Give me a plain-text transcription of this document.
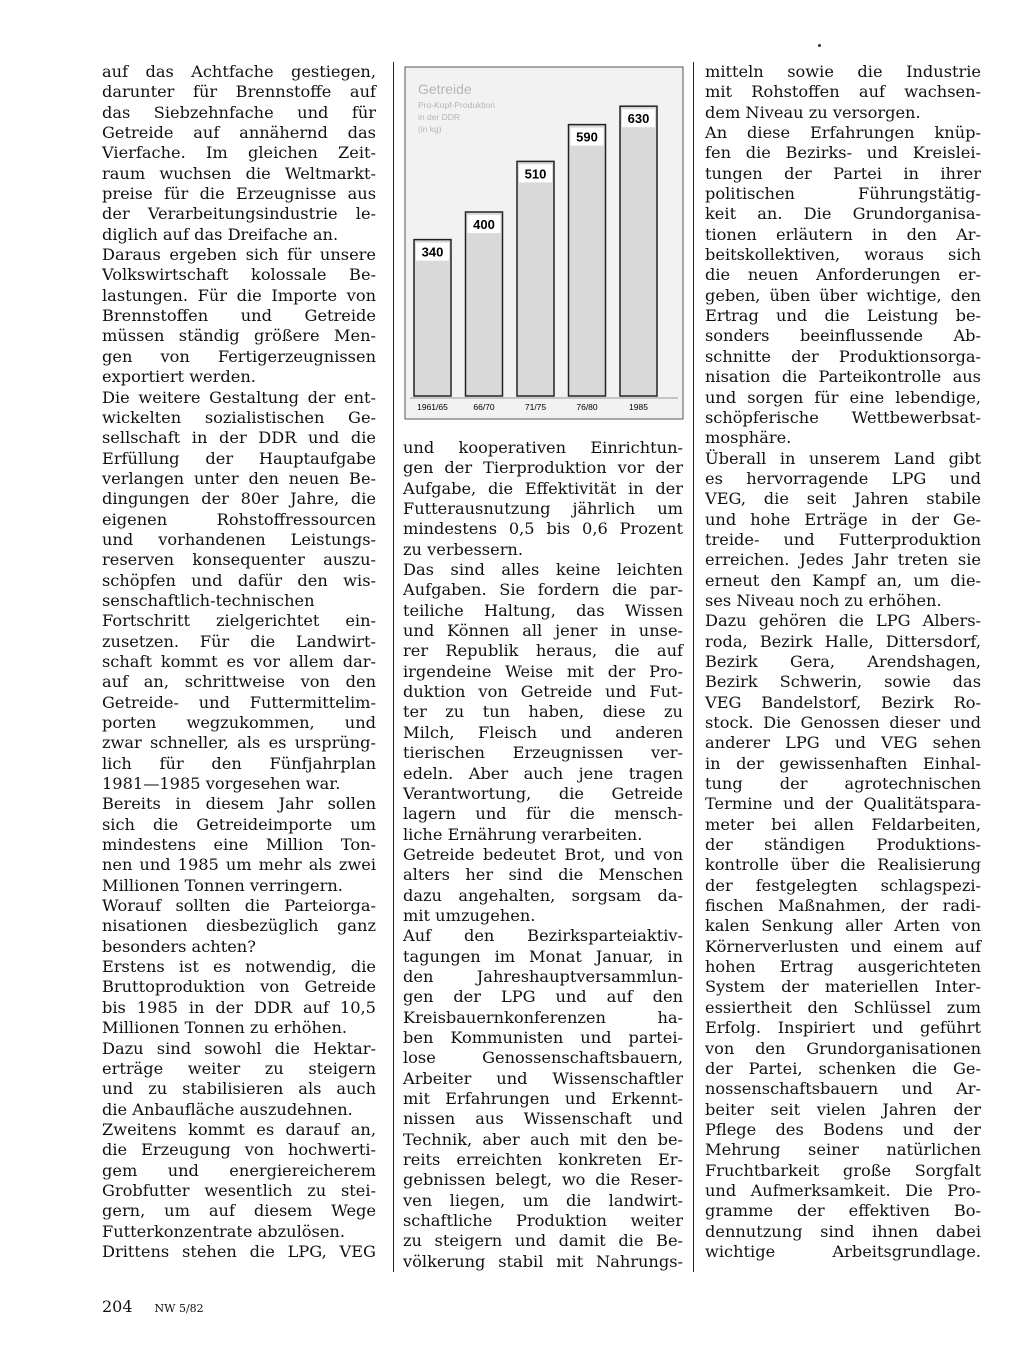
auf das Achtfache gestiegen,

darunter für Brennstoffe auf

das Siebzehnfache und für

Getreide auf annähernd das

Vierfache. Im gleichen Zeit-

raum wuchsen die Weltmarkt-

preise für die Erzeugnisse aus

der Verarbeitungsindustrie le-

diglich auf das Dreifache an.

Daraus ergeben sich für unsere

Volkswirtschaft kolossale Be-

lastungen. Für die Importe von

Brennstoffen und Getreide

müssen ständig größere Men-

gen von Fertigerzeugnissen

exportiert werden.

Die weitere Gestaltung der ent-

wickelten sozialistischen Ge-

sellschaft in der DDR und die

Erfüllung der Hauptaufgabe

verlangen unter den neuen Be-

dingungen der 80er Jahre, die

eigenen Rohstoffressourcen

und vorhandenen Leistungs-

reserven konsequenter auszu-

schöpfen und dafür den wis-

senschaftlich-technischen

Fortschritt zielgerichtet ein-

zusetzen. Für die Landwirt-

schaft kommt es vor allem dar-

auf an, schrittweise von den

Getreide- und Futtermittelim-

porten wegzukommen, und

zwar schneller, als es ursprüng-

lich für den Fünfjahrplan

1981—1985 vorgesehen war.

Bereits in diesem Jahr sollen

sich die Getreideimporte um

mindestens eine Million Ton-

nen und 1985 um mehr als zwei

Millionen Tonnen verringern.

Worauf sollten die Parteiorga-

nisationen diesbezüglich ganz

besonders achten?

Erstens ist es notwendig, die

Bruttoproduktion von Getreide

bis 1985 in der DDR auf 10,5

Millionen Tonnen zu erhöhen.

Dazu sind sowohl die Hektar-

erträge weiter zu steigern

und zu stabilisieren als auch

die Anbaufläche auszudehnen.

Zweitens kommt es darauf an,

die Erzeugung von hochwerti-

gem und energiereicherem

Grobfutter wesentlich zu stei-

gern, um auf diesem Wege

Futterkonzentrate abzulösen.

Drittens stehen die LPG, VEG

Getreide
Pro-Kopf-Produktion
in der DDR
(in kg)
340
1961/65
400
66/70
510
71/75
590
76/80
630
1985

und kooperativen Einrichtun-

gen der Tierproduktion vor der

Aufgabe, die Effektivität in der

Futterausnutzung jährlich um

mindestens 0,5 bis 0,6 Prozent

zu verbessern.

Das sind alles keine leichten

Aufgaben. Sie fordern die par-

teiliche Haltung, das Wissen

und Können all jener in unse-

rer Republik heraus, die auf

irgendeine Weise mit der Pro-

duktion von Getreide und Fut-

ter zu tun haben, diese zu

Milch, Fleisch und anderen

tierischen Erzeugnissen ver-

edeln. Aber auch jene tragen

Verantwortung, die Getreide

lagern und für die mensch-

liche Ernährung verarbeiten.

Getreide bedeutet Brot, und von

alters her sind die Menschen

dazu angehalten, sorgsam da-

mit umzugehen.

Auf den Bezirksparteiaktiv-

tagungen im Monat Januar, in

den Jahreshauptversammlun-

gen der LPG und auf den

Kreisbauernkonferenzen ha-

ben Kommunisten und partei-

lose Genossenschaftsbauern,

Arbeiter und Wissenschaftler

mit Erfahrungen und Erkennt-

nissen aus Wissenschaft und

Technik, aber auch mit den be-

reits erreichten konkreten Er-

gebnissen belegt, wo die Reser-

ven liegen, um die landwirt-

schaftliche Produktion weiter

zu steigern und damit die Be-

völkerung stabil mit Nahrungs-

mitteln sowie die Industrie

mit Rohstoffen auf wachsen-

dem Niveau zu versorgen.

An diese Erfahrungen knüp-

fen die Bezirks- und Kreislei-

tungen der Partei in ihrer

politischen Führungstätig-

keit an. Die Grundorganisa-

tionen erläutern in den Ar-

beitskollektiven, woraus sich

die neuen Anforderungen er-

geben, üben über wichtige, den

Ertrag und die Leistung be-

sonders beeinflussende Ab-

schnitte der Produktionsorga-

nisation die Parteikontrolle aus

und sorgen für eine lebendige,

schöpferische Wettbewerbsat-

mosphäre.

Überall in unserem Land gibt

es hervorragende LPG und

VEG, die seit Jahren stabile

und hohe Erträge in der Ge-

treide- und Futterproduktion

erreichen. Jedes Jahr treten sie

erneut den Kampf an, um die-

ses Niveau noch zu erhöhen.

Dazu gehören die LPG Albers-

roda, Bezirk Halle, Dittersdorf,

Bezirk Gera, Arendshagen,

Bezirk Schwerin, sowie das

VEG Bandelstorf, Bezirk Ro-

stock. Die Genossen dieser und

anderer LPG und VEG sehen

in der gewissenhaften Einhal-

tung der agrotechnischen

Termine und der Qualitätspara-

meter bei allen Feldarbeiten,

der ständigen Produktions-

kontrolle über die Realisierung

der festgelegten schlagspezi-

fischen Maßnahmen, der radi-

kalen Senkung aller Arten von

Körnerverlusten und einem auf

hohen Ertrag ausgerichteten

System der materiellen Inter-

essiertheit den Schlüssel zum

Erfolg. Inspiriert und geführt

von den Grundorganisationen

der Partei, schenken die Ge-

nossenschaftsbauern und Ar-

beiter seit vielen Jahren der

Pflege des Bodens und der

Mehrung seiner natürlichen

Fruchtbarkeit große Sorgfalt

und Aufmerksamkeit. Die Pro-

gramme der effektiven Bo-

dennutzung sind ihnen dabei

wichtige Arbeitsgrundlage.

204 NW 5/82
